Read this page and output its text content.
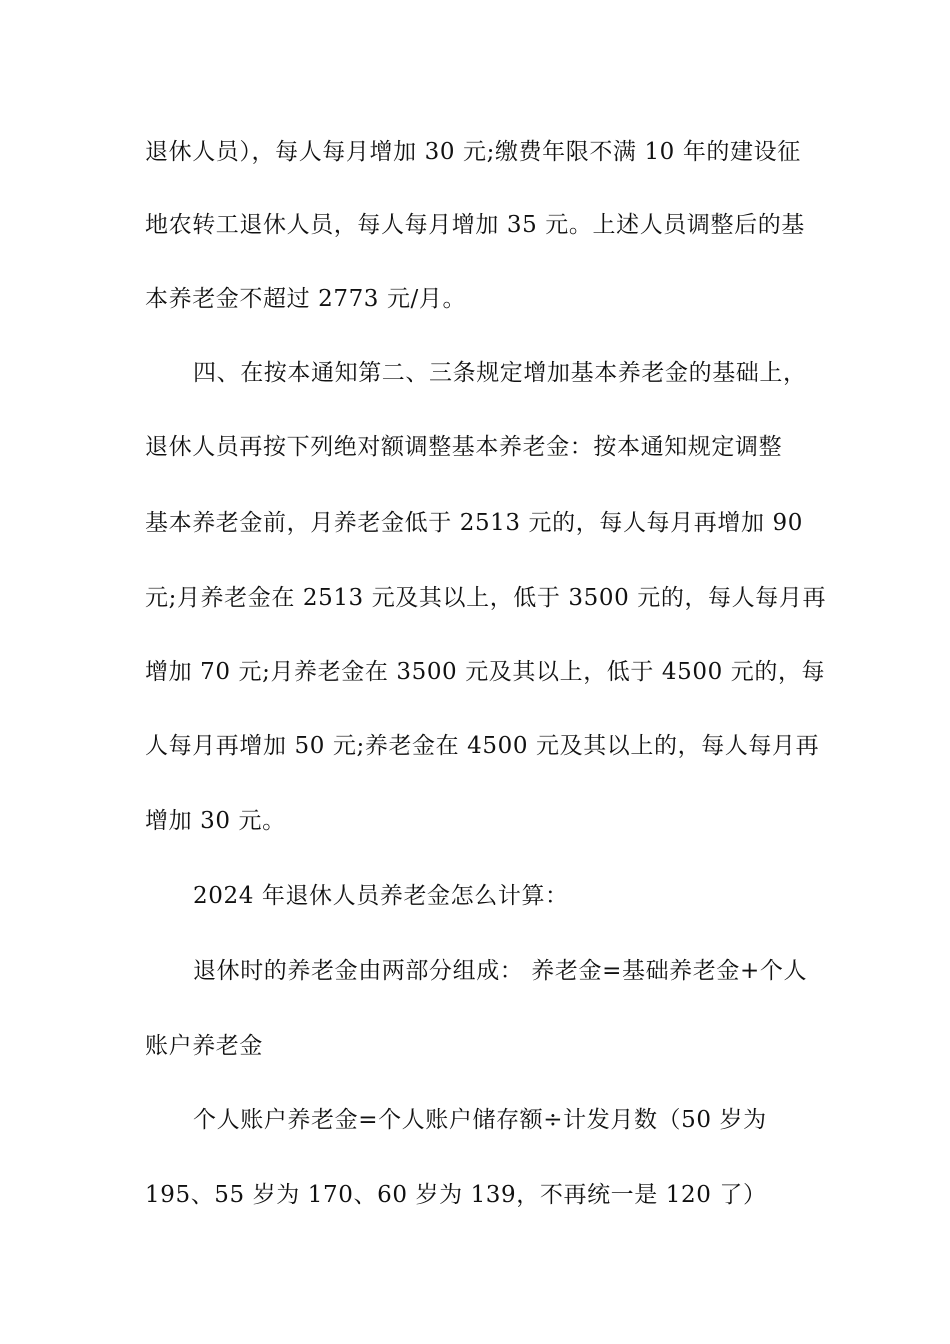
退休人员），每人每月增加 30 元;缴费年限不满 10 年的建设征
地农转工退休人员，每人每月增加 35 元。上述人员调整后的基
本养老金不超过 2773 元/月。
四、在按本通知第二、三条规定增加基本养老金的基础上，
退休人员再按下列绝对额调整基本养老金：按本通知规定调整
基本养老金前，月养老金低于 2513 元的，每人每月再增加 90
元;月养老金在 2513 元及其以上，低于 3500 元的，每人每月再
增加 70 元;月养老金在 3500 元及其以上，低于 4500 元的，每
人每月再增加 50 元;养老金在 4500 元及其以上的，每人每月再
增加 30 元。
2024 年退休人员养老金怎么计算：
退休时的养老金由两部分组成： 养老金=基础养老金+个人
账户养老金
个人账户养老金=个人账户储存额÷计发月数（50 岁为
195、55 岁为 170、60 岁为 139，不再统一是 120 了）
